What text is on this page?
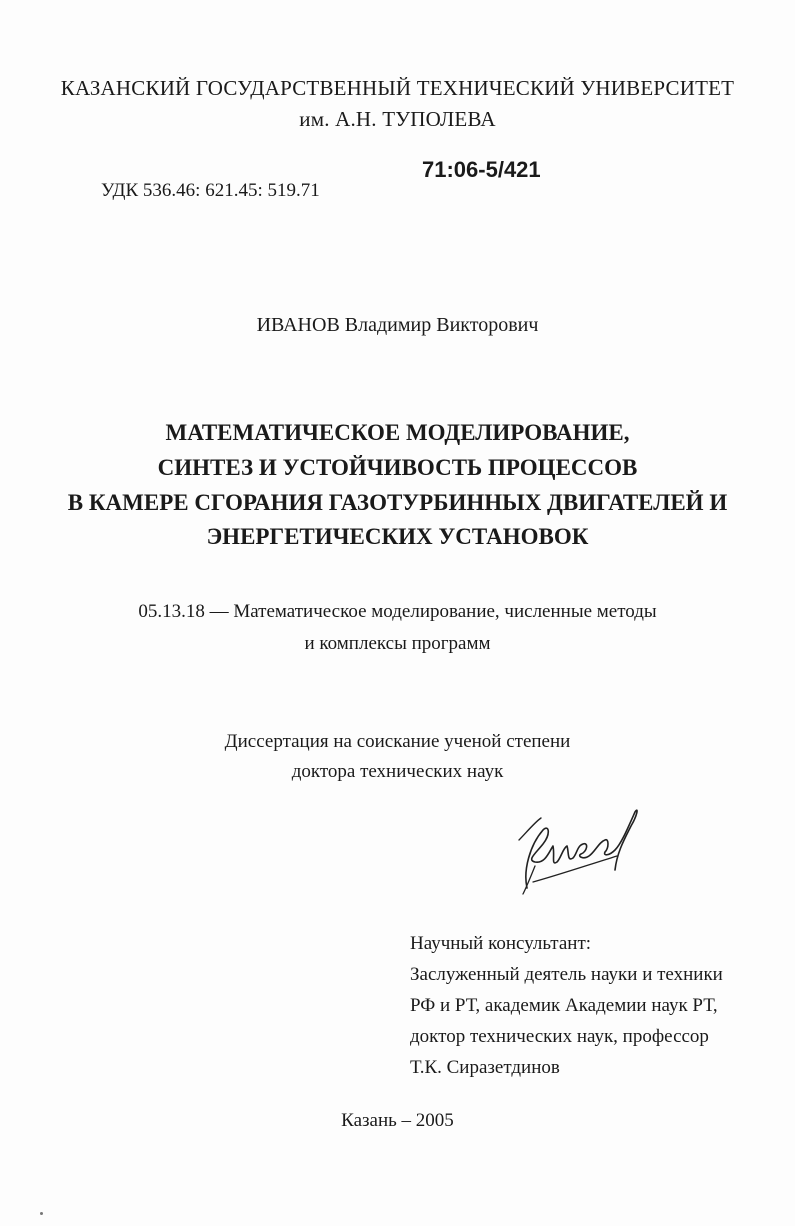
КАЗАНСКИЙ ГОСУДАРСТВЕННЫЙ ТЕХНИЧЕСКИЙ УНИВЕРСИТЕТ
им. А.Н. ТУПОЛЕВА
УДК 536.46: 621.45: 519.71
71:06-5/421
ИВАНОВ Владимир Викторович
МАТЕМАТИЧЕСКОЕ МОДЕЛИРОВАНИЕ,
СИНТЕЗ И УСТОЙЧИВОСТЬ ПРОЦЕССОВ
В КАМЕРЕ СГОРАНИЯ ГАЗОТУРБИННЫХ ДВИГАТЕЛЕЙ И
ЭНЕРГЕТИЧЕСКИХ УСТАНОВОК
05.13.18 — Математическое моделирование, численные методы
и комплексы программ
Диссертация на соискание ученой степени
доктора технических наук
Научный консультант:
Заслуженный деятель науки и техники
РФ и РТ, академик Академии наук РТ,
доктор технических наук, профессор
Т.К. Сиразетдинов
Казань – 2005
